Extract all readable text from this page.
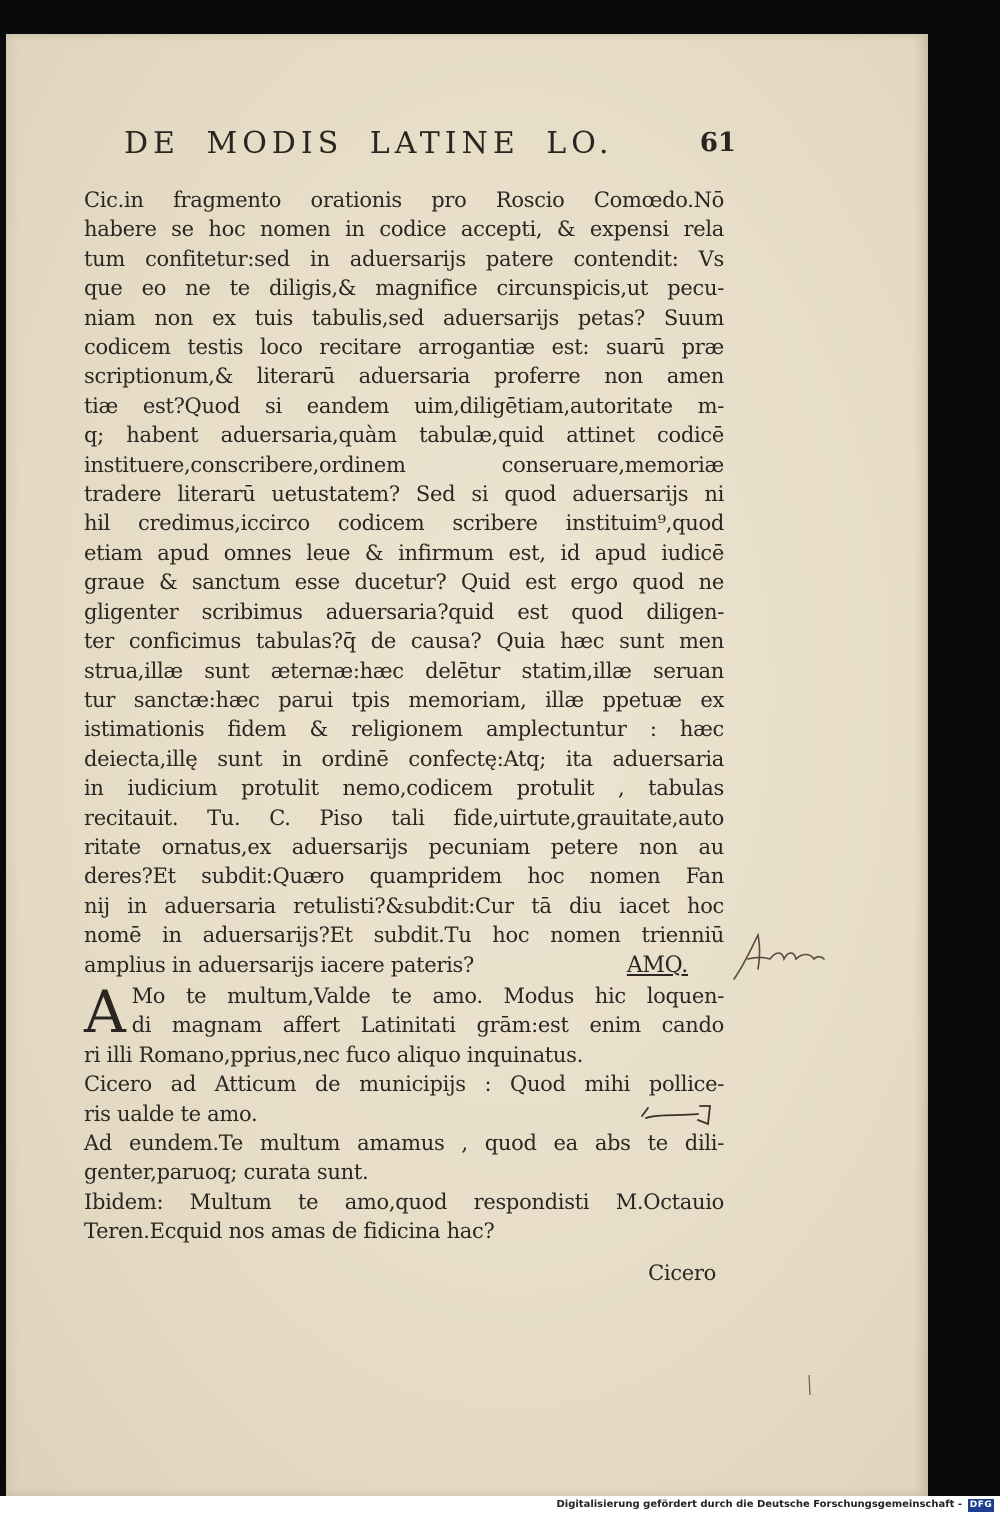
DE MODIS LATINE LO.	61
Cic.in fragmento orationis pro Roscio Comœdo.Nō
habere se hoc nomen in codice accepti, & expensi rela
tum confitetur:sed in aduersarijs patere contendit: Vs
que eo ne te diligis,& magnifice circunspicis,ut pecu-
niam non ex tuis tabulis,sed aduersarijs petas? Suum
codicem testis loco recitare arrogantiæ est: suarū præ
scriptionum,& literarū aduersaria proferre non amen
tiæ est?Quod si eandem uim,diligētiam,autoritate m-
q; habent aduersaria,quàm tabulæ,quid attinet codicē
instituere,conscribere,ordinem conseruare,memoriæ
tradere literarū uetustatem? Sed si quod aduersarijs ni
hil credimus,iccirco codicem scribere instituim⁹,quod
etiam apud omnes leue & infirmum est, id apud iudicē
graue & sanctum esse ducetur? Quid est ergo quod ne
gligenter scribimus aduersaria?quid est quod diligen-
ter conficimus tabulas?q̄ de causa? Quia hæc sunt men
strua,illæ sunt æternæ:hæc delētur statim,illæ seruan
tur sanctæ:hæc parui tpis memoriam, illæ ppetuæ ex
istimationis fidem & religionem amplectuntur : hæc
deiecta,illę sunt in ordinē confectę:Atq; ita aduersaria
in iudicium protulit nemo,codicem protulit , tabulas
recitauit. Tu. C. Piso tali fide,uirtute,grauitate,auto
ritate ornatus,ex aduersarijs pecuniam petere non au
deres?Et subdit:Quæro quampridem hoc nomen Fan
nij in aduersaria retulisti?&subdit:Cur tā diu iacet hoc
nomē in aduersarijs?Et subdit.Tu hoc nomen trienniū
amplius in aduersarijs iacere pateris?	AMQ.
A Mo te multum,Valde te amo. Modus hic loquen-
di magnam affert Latinitati grām:est enim cando
ri illi Romano,pprius,nec fuco aliquo inquinatus.
Cicero ad Atticum de municipijs : Quod mihi pollice-
ris ualde te amo.
Ad eundem.Te multum amamus , quod ea abs te dili-
genter,paruoq; curata sunt.
Ibidem: Multum te amo,quod respondisti M.Octauio
Teren.Ecquid nos amas de fidicina hac?
Cicero
Digitalisierung gefördert durch die Deutsche Forschungsgemeinschaft - DFG
